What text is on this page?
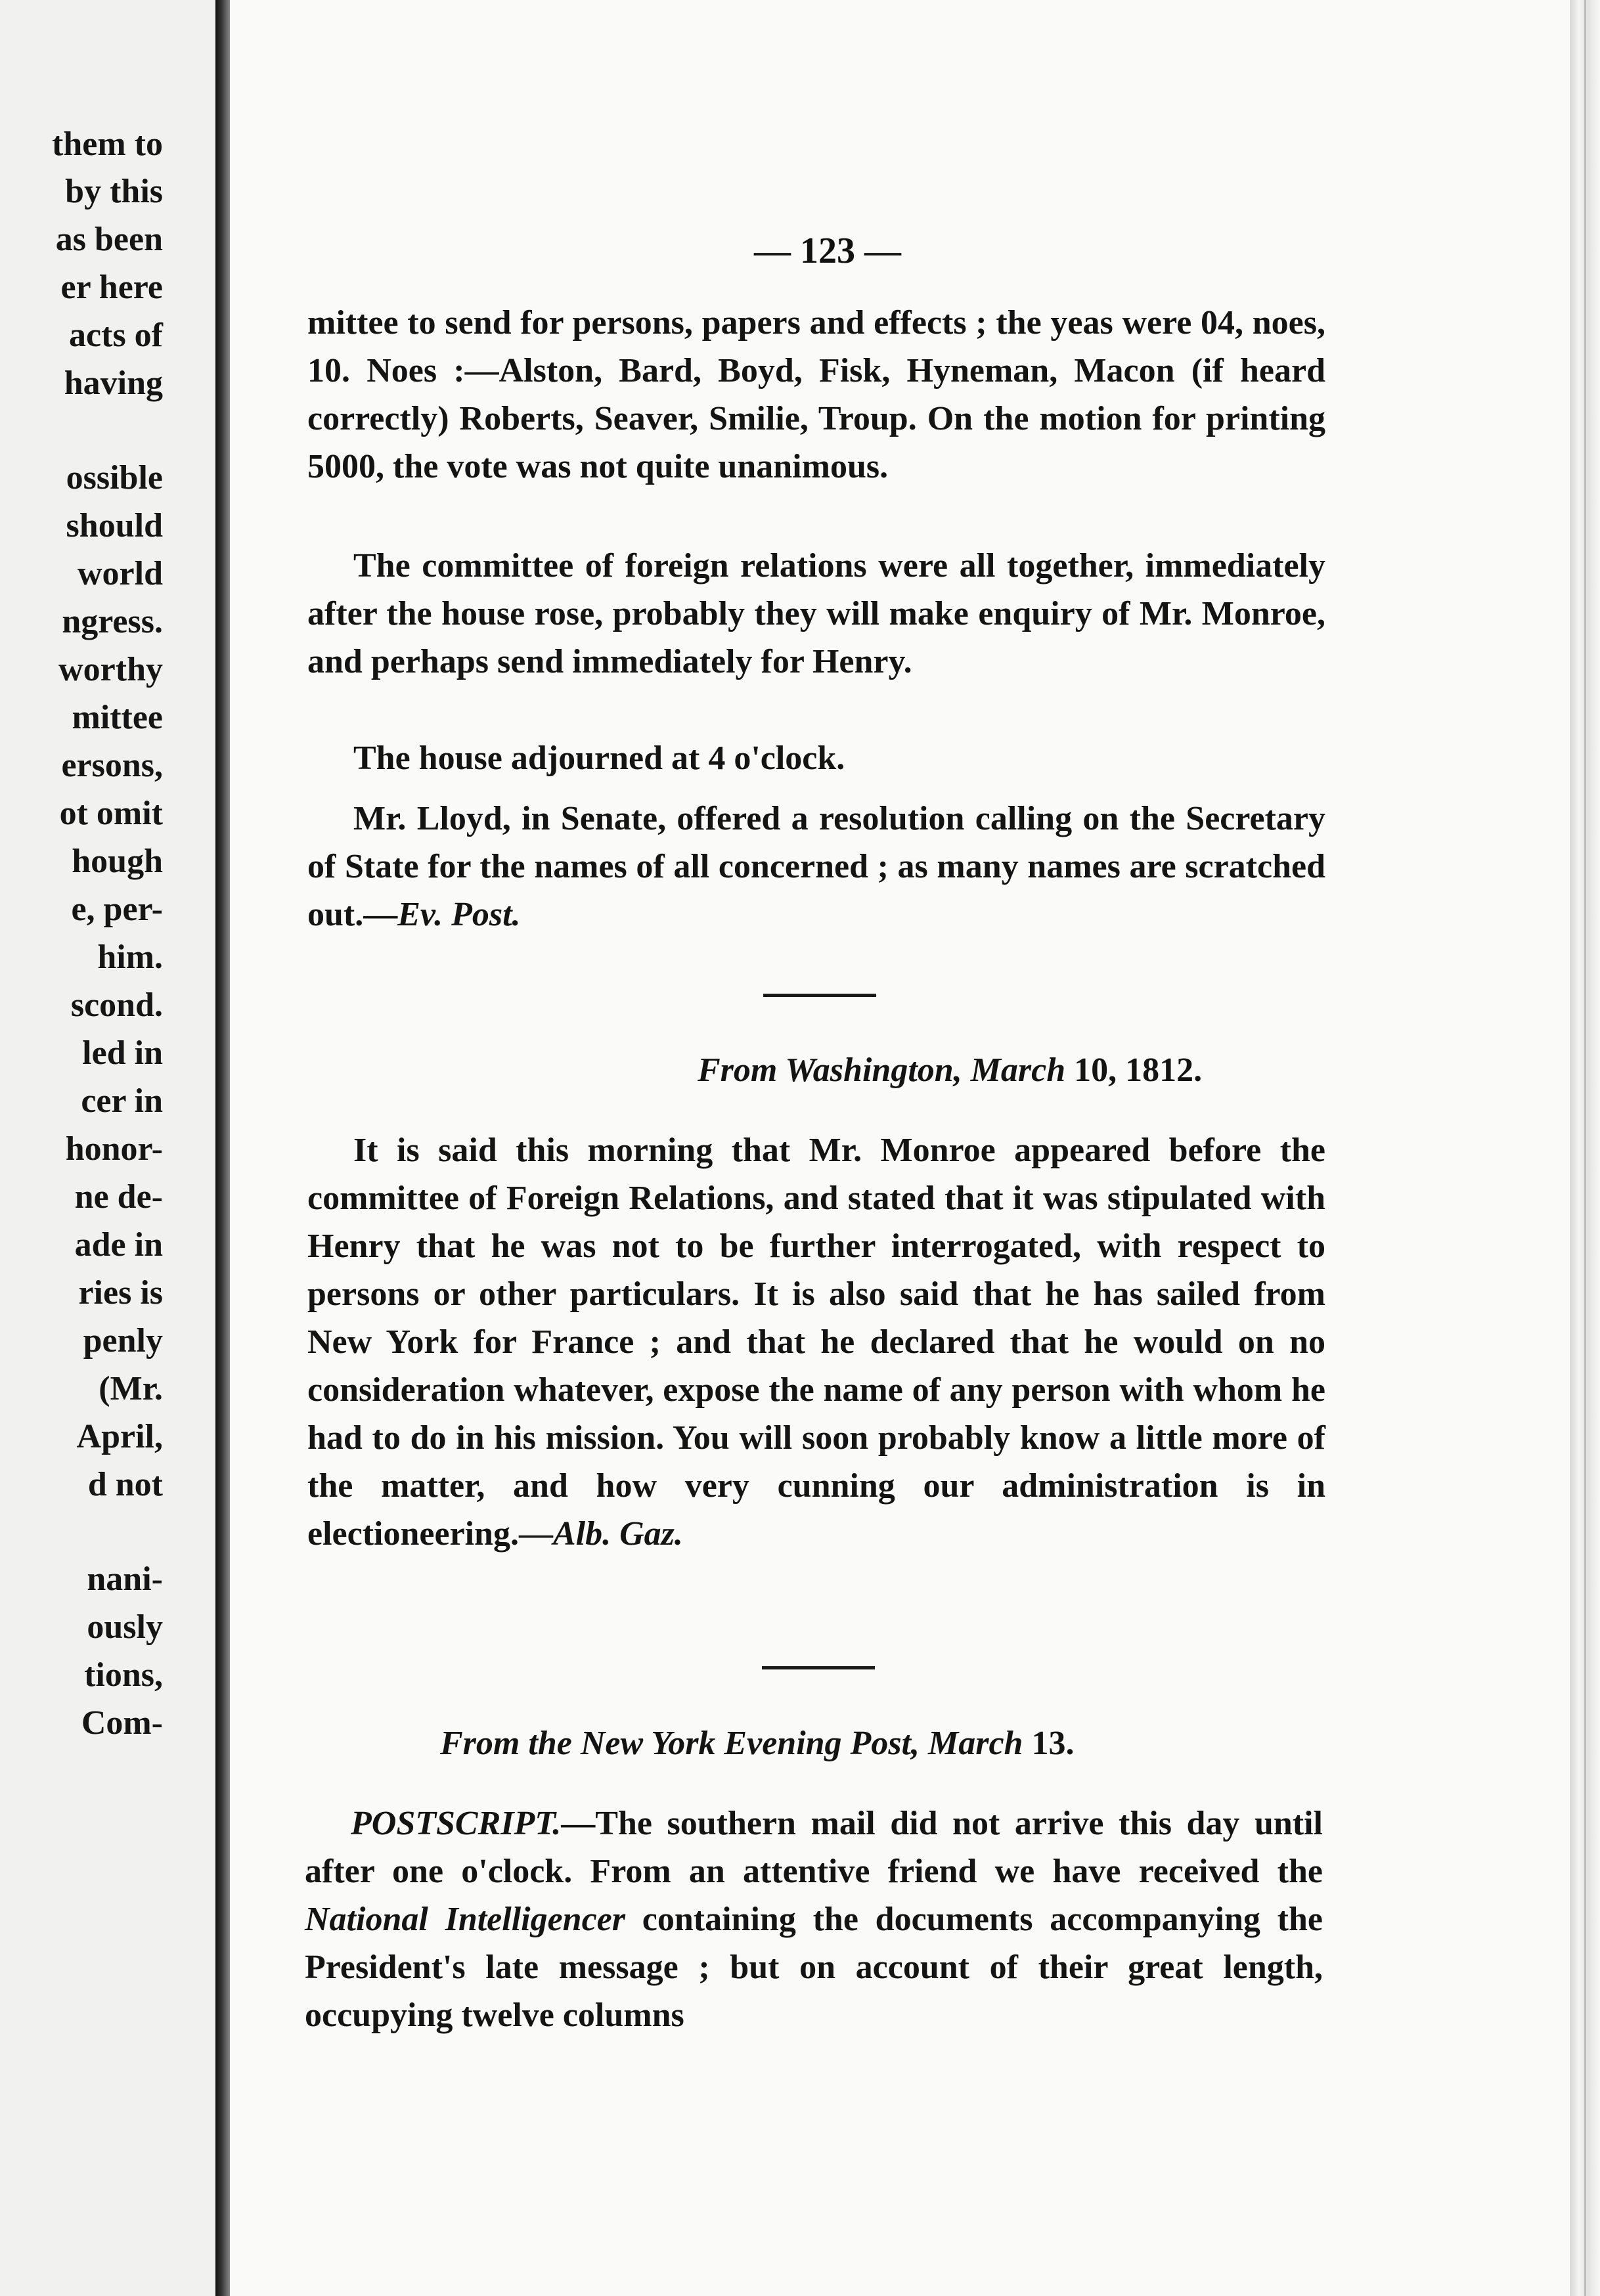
them to
by this
as been
er here
acts of
having
ossible
should
world
ngress.
worthy
mittee
ersons,
ot omit
hough
e, per-
him.
scond.
led in
cer in
honor-
ne de-
ade in
ries is
penly
(Mr.
April,
d not
nani-
ously
tions,
Com-
— 123 —
mittee to send for persons, papers and effects ; the yeas were 04, noes, 10. Noes :—Alston, Bard, Boyd, Fisk, Hyneman, Macon (if heard correctly) Roberts, Seaver, Smilie, Troup. On the motion for printing 5000, the vote was not quite unanimous.
The committee of foreign relations were all together, immediately after the house rose, probably they will make enquiry of Mr. Monroe, and perhaps send immediately for Henry.
The house adjourned at 4 o'clock.
Mr. Lloyd, in Senate, offered a resolution calling on the Secretary of State for the names of all concerned ; as many names are scratched out.—Ev. Post.
From Washington, March 10, 1812.
It is said this morning that Mr. Monroe appeared before the committee of Foreign Relations, and stated that it was stipulated with Henry that he was not to be further interrogated, with respect to persons or other particulars. It is also said that he has sailed from New York for France ; and that he declared that he would on no consideration whatever, expose the name of any person with whom he had to do in his mission. You will soon probably know a little more of the matter, and how very cunning our administration is in electioneering.—Alb. Gaz.
From the New York Evening Post, March 13.
POSTSCRIPT.—The southern mail did not arrive this day until after one o'clock. From an attentive friend we have received the National Intelligencer containing the documents accompanying the President's late message ; but on account of their great length, occupying twelve columns
